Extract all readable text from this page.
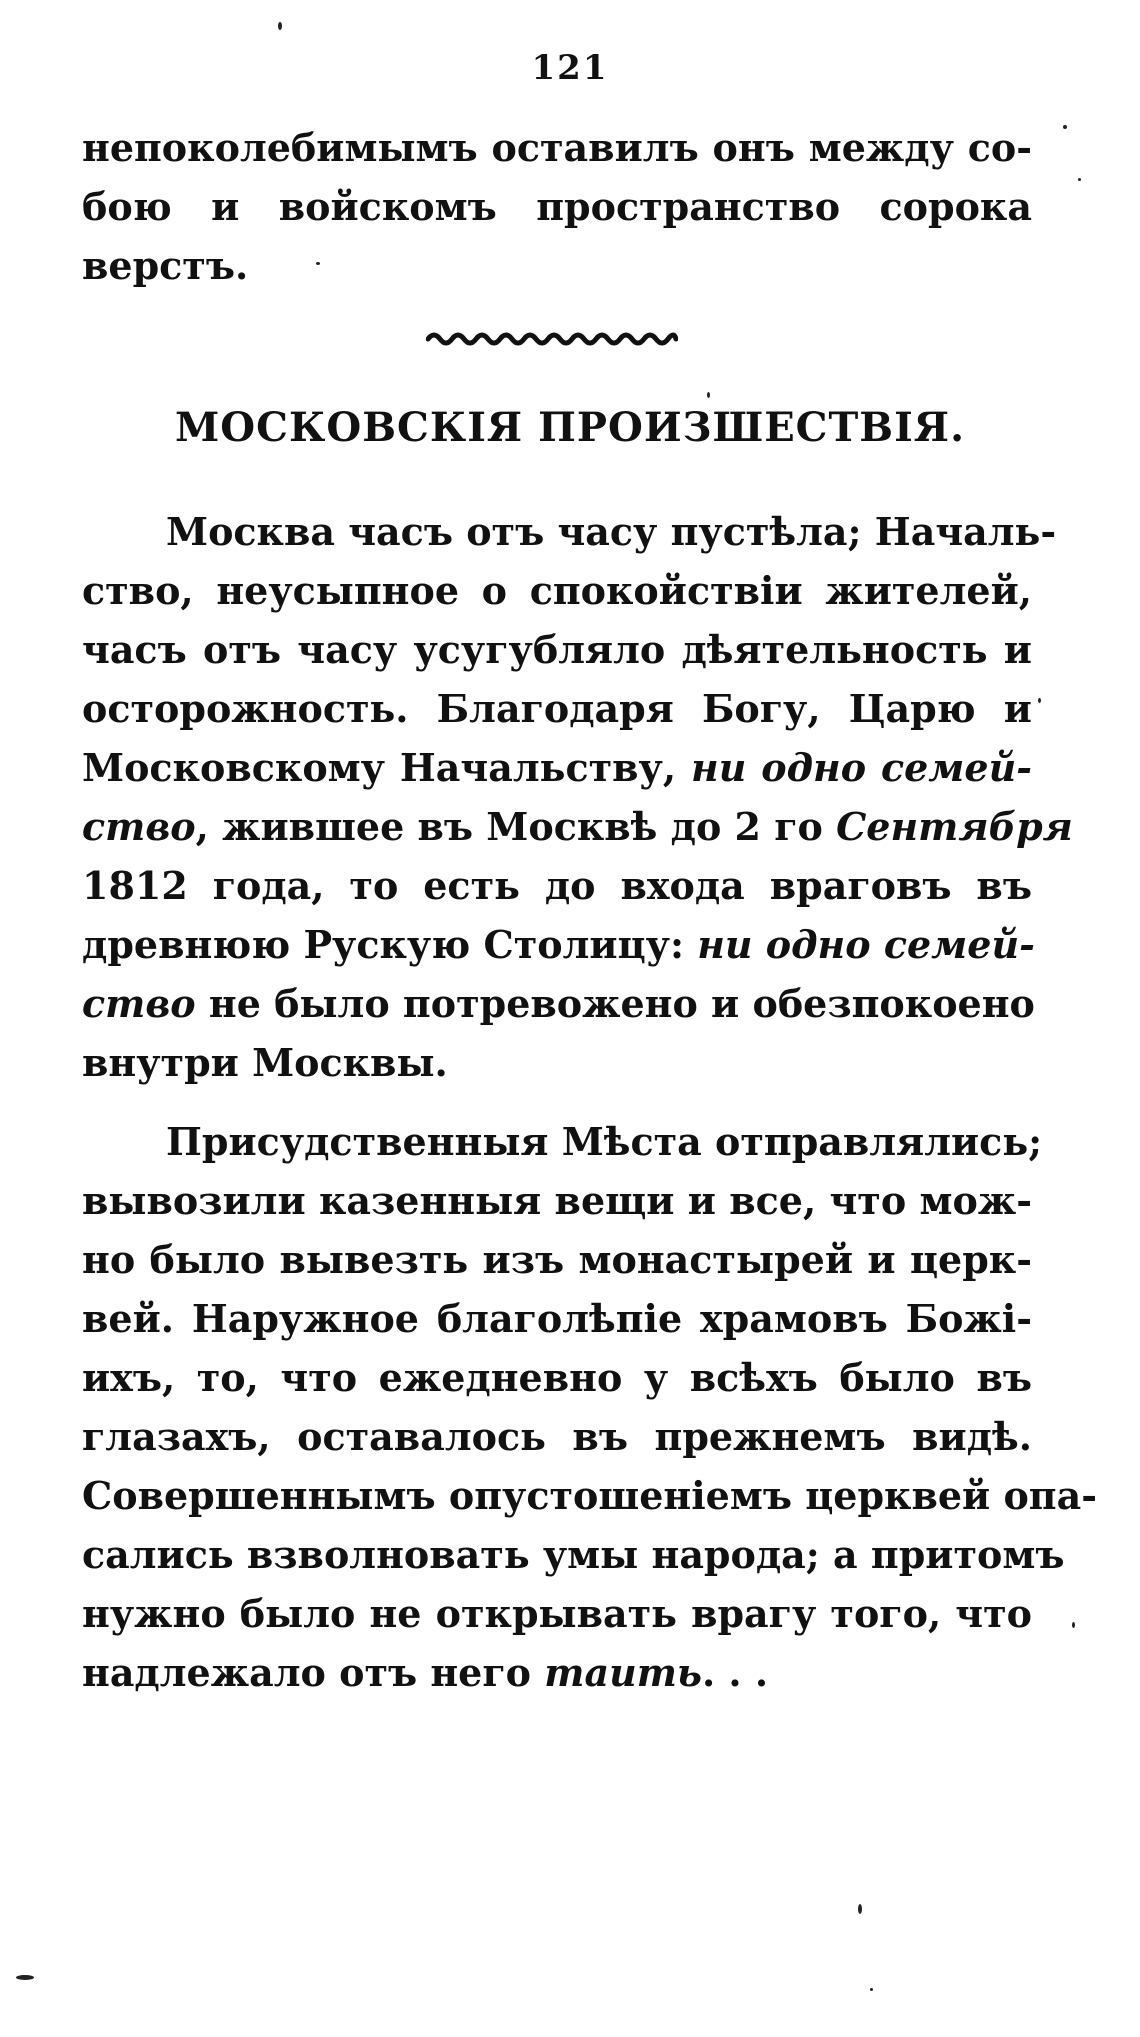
121
непоколебимымъ оставилъ онъ между со-
бою и войскомъ пространство сорока
верстъ.
МОСКОВСКІЯ ПРОИЗШЕСТВІЯ.
Москва часъ отъ часу пустѣла; Началь-
ство, неусыпное о спокойствіи жителей,
часъ отъ часу усугубляло дѣятельность и
осторожность. Благодаря Богу, Царю и
Московскому Начальству, ни одно семей-
ство, жившее въ Москвѣ до 2 го Сентября
1812 года, то есть до входа враговъ въ
древнюю Рускую Столицу: ни одно семей-
ство не было потревожено и обезпокоено
внутри Москвы.
Присудственныя Мѣста отправлялись;
вывозили казенныя вещи и все, что мож-
но было вывезть изъ монастырей и церк-
вей. Наружное благолѣпіе храмовъ Божі-
ихъ, то, что ежедневно у всѣхъ было въ
глазахъ, оставалось въ прежнемъ видѣ.
Совершеннымъ опустошеніемъ церквей опа-
сались взволновать умы народа; а притомъ
нужно было не открывать врагу того, что
надлежало отъ него таить. . .
